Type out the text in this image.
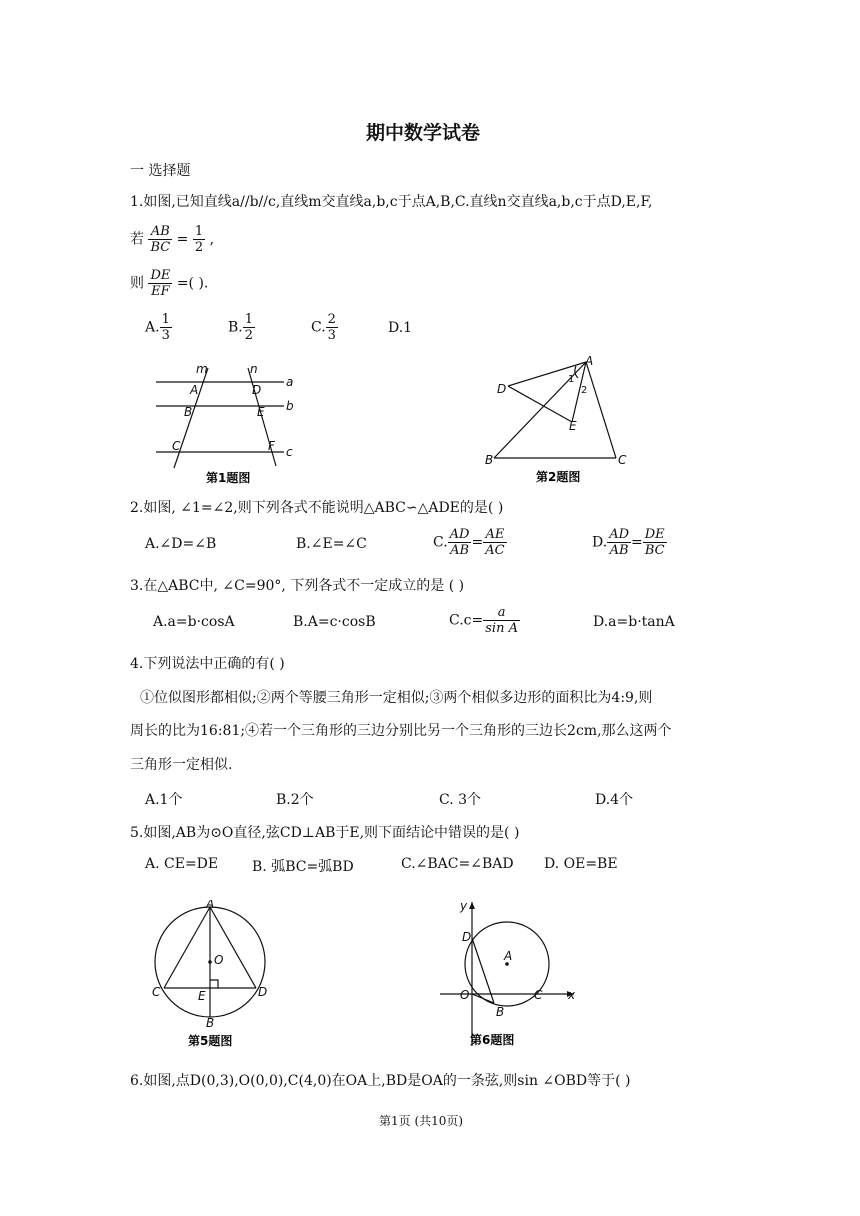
期中数学试卷
一 选择题
1.如图,已知直线a//b//c,直线m交直线a,b,c于点A,B,C.直线n交直线a,b,c于点D,E,F,
若 $\frac{AB}{BC} = \frac{1}{2}$ ,
则 $\frac{DE}{EF}$ =( ).
A. $\frac{1}{3}$	B. $\frac{1}{2}$	C. $\frac{2}{3}$	D.1
m	n
a
b
c
A
B
C
D
E
F
第1题图
A
B	C
D
E
1
2
第2题图
2.如图, ∠1=∠2,则下列各式不能说明△ABC∽△ADE的是( )
A.∠D=∠B	B.∠E=∠C	C. $\frac{AD}{AB} = \frac{AE}{AC}$	D. $\frac{AD}{AB} = \frac{DE}{BC}$
3.在△ABC中, ∠C=90°, 下列各式不一定成立的是 ( )
A.a=b·cosA	B.A=c·cosB	$C.c= \frac{a}{\text{sin A}}$	D.a=b·tanA
4.下列说法中正确的有( )
①位似图形都相似;②两个等腰三角形一定相似;③两个相似多边形的面积比为4:9,则
周长的比为16:81;④若一个三角形的三边分别比另一个三角形的三边长2cm,那么这两个
三角形一定相似.
A.1个	B.2个	C. 3个	D.4个
5.如图,AB为⊙O直径,弦CD⊥AB于E,则下面结论中错误的是( )
A. CE=DE B. 弧BC=弧BD	C.∠BAC=∠BAD D. OE=BE
A
B
C	D
E
O
第5题图
y
x
O
A
B
C
D
第6题图
6.如图,点D(0,3),O(0,0),C(4,0)在OA上,BD是OA的一条弦,则sin ∠OBD等于( )
第1页 (共10页)
